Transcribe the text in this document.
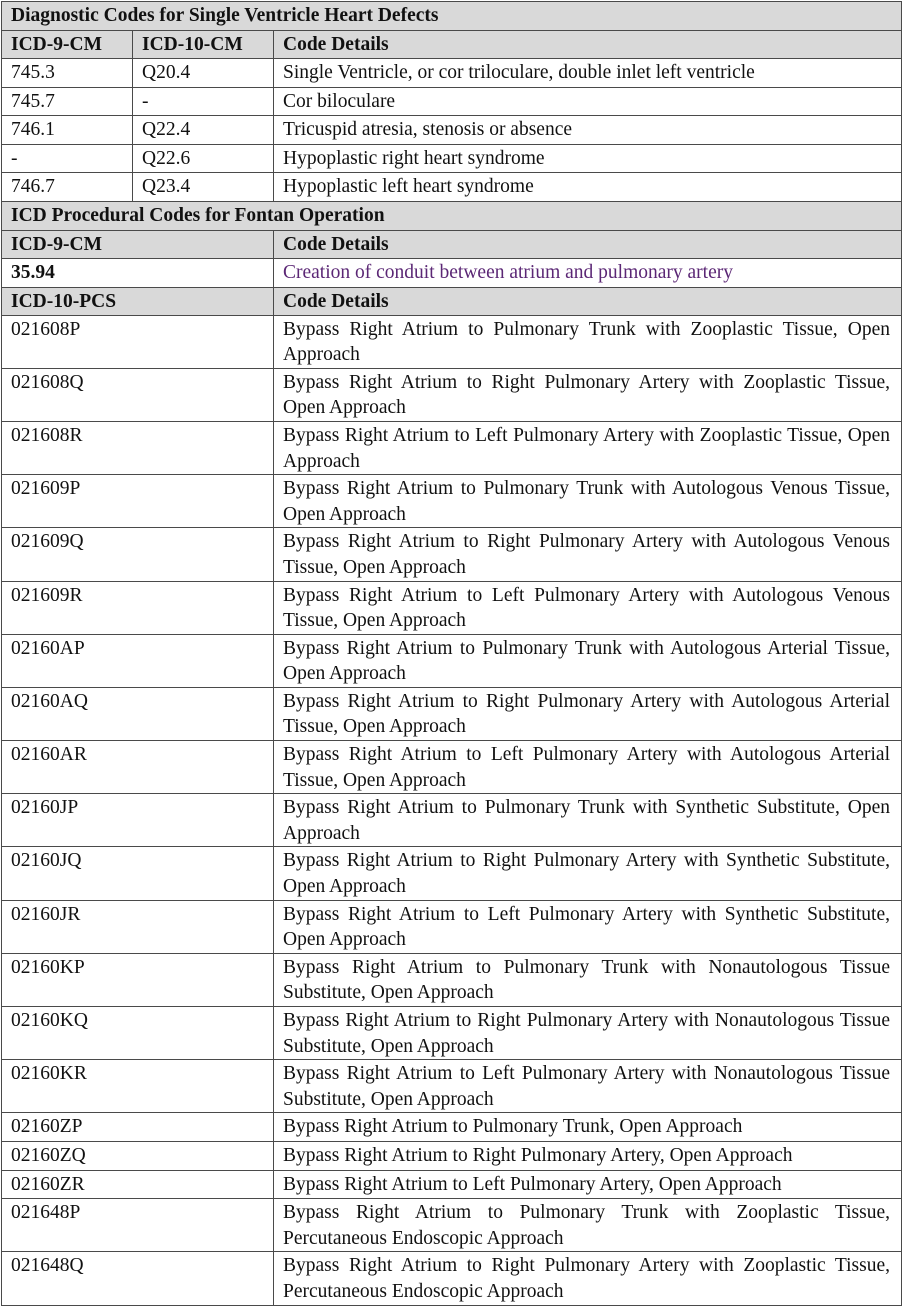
Diagnostic Codes for Single Ventricle Heart Defects		
ICD-9-CM	ICD-10-CM	Code Details
745.3	Q20.4	Single Ventricle, or cor triloculare, double inlet left ventricle
745.7	-	Cor biloculare
746.1	Q22.4	Tricuspid atresia, stenosis or absence
-	Q22.6	Hypoplastic right heart syndrome
746.7	Q23.4	Hypoplastic left heart syndrome
ICD Procedural Codes for Fontan Operation		
ICD-9-CM		Code Details
35.94		Creation of conduit between atrium and pulmonary artery
ICD-10-PCS		Code Details
021608P		Bypass Right Atrium to Pulmonary Trunk with Zooplastic Tissue, Open Approach
021608Q		Bypass Right Atrium to Right Pulmonary Artery with Zooplastic Tissue, Open Approach
021608R		Bypass Right Atrium to Left Pulmonary Artery with Zooplastic Tissue, Open Approach
021609P		Bypass Right Atrium to Pulmonary Trunk with Autologous Venous Tissue, Open Approach
021609Q		Bypass Right Atrium to Right Pulmonary Artery with Autologous Venous Tissue, Open Approach
021609R		Bypass Right Atrium to Left Pulmonary Artery with Autologous Venous Tissue, Open Approach
02160AP		Bypass Right Atrium to Pulmonary Trunk with Autologous Arterial Tissue, Open Approach
02160AQ		Bypass Right Atrium to Right Pulmonary Artery with Autologous Arterial Tissue, Open Approach
02160AR		Bypass Right Atrium to Left Pulmonary Artery with Autologous Arterial Tissue, Open Approach
02160JP		Bypass Right Atrium to Pulmonary Trunk with Synthetic Substitute, Open Approach
02160JQ		Bypass Right Atrium to Right Pulmonary Artery with Synthetic Substitute, Open Approach
02160JR		Bypass Right Atrium to Left Pulmonary Artery with Synthetic Substitute, Open Approach
02160KP		Bypass Right Atrium to Pulmonary Trunk with Nonautologous Tissue Substitute, Open Approach
02160KQ		Bypass Right Atrium to Right Pulmonary Artery with Nonautologous Tissue Substitute, Open Approach
02160KR		Bypass Right Atrium to Left Pulmonary Artery with Nonautologous Tissue Substitute, Open Approach
02160ZP		Bypass Right Atrium to Pulmonary Trunk, Open Approach
02160ZQ		Bypass Right Atrium to Right Pulmonary Artery, Open Approach
02160ZR		Bypass Right Atrium to Left Pulmonary Artery, Open Approach
021648P		Bypass Right Atrium to Pulmonary Trunk with Zooplastic Tissue, Percutaneous Endoscopic Approach
021648Q		Bypass Right Atrium to Right Pulmonary Artery with Zooplastic Tissue, Percutaneous Endoscopic Approach
